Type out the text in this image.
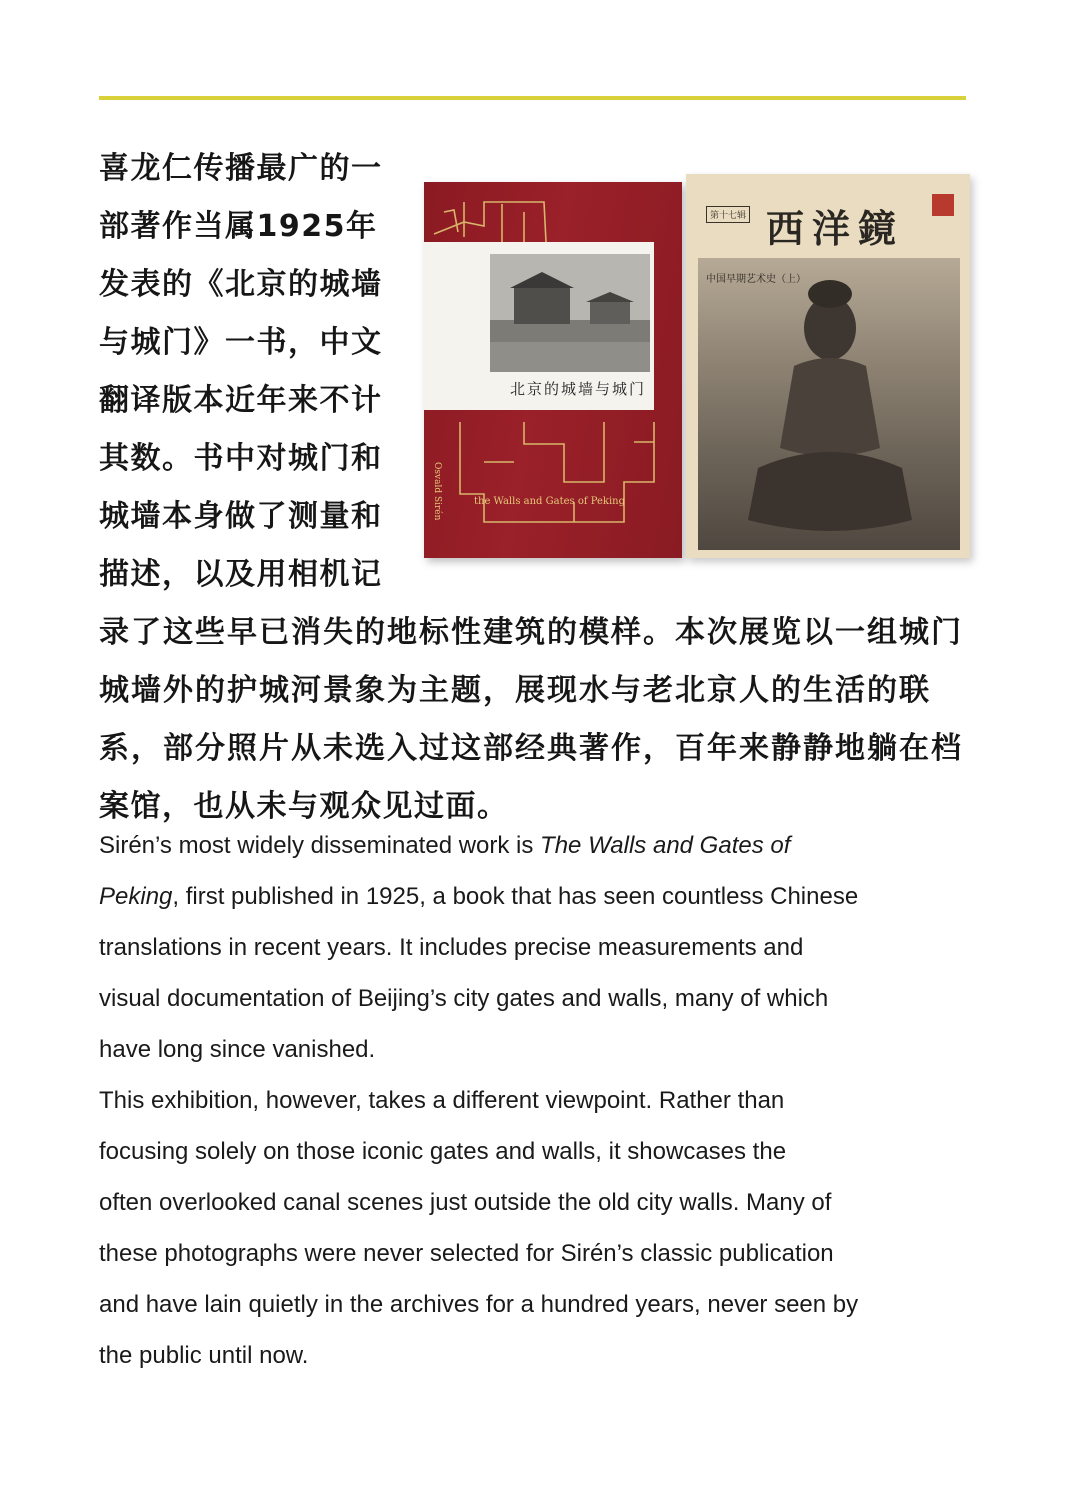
喜龙仁传播最广的一
部著作当属1925年
发表的《北京的城墙
与城门》一书，中文
翻译版本近年来不计
其数。书中对城门和
城墙本身做了测量和
描述，以及用相机记
录了这些早已消失的地标性建筑的模样。本次展览以一组城门
城墙外的护城河景象为主题，展现水与老北京人的生活的联
系，部分照片从未选入过这部经典著作，百年来静静地躺在档
案馆，也从未与观众见过面。
北京的城墙与城门
the Walls and Gates of Peking
Osvald Sirén
第十七辑 西洋鏡
中国早期艺术史（上）
Sirén’s most widely disseminated work is The Walls and Gates of
Peking, first published in 1925, a book that has seen countless Chinese
translations in recent years. It includes precise measurements and
visual documentation of Beijing’s city gates and walls, many of which
have long since vanished.
This exhibition, however, takes a different viewpoint. Rather than
focusing solely on those iconic gates and walls, it showcases the
often overlooked canal scenes just outside the old city walls. Many of
these photographs were never selected for Sirén’s classic publication
and have lain quietly in the archives for a hundred years, never seen by
the public until now.
